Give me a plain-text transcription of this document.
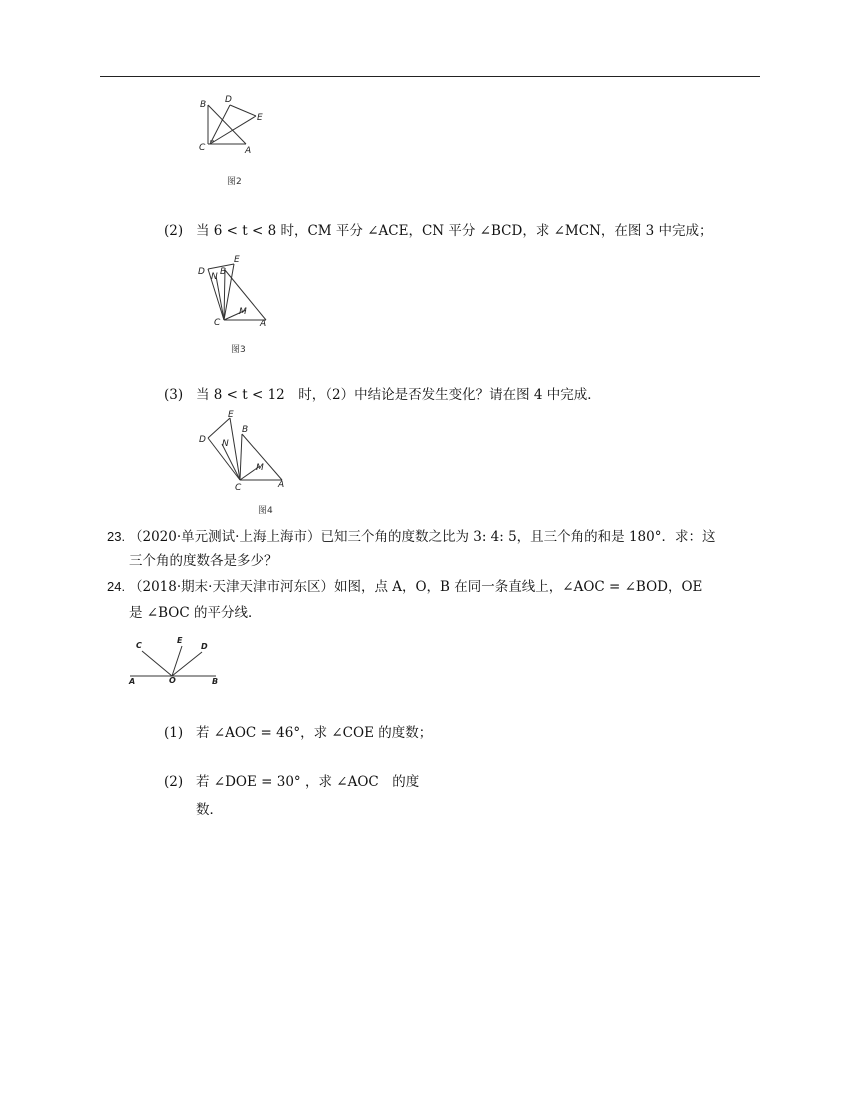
B D
E
C	A
图2
(2) 当 6 < t < 8 时，CM 平分 ∠ACE，CN 平分 ∠BCD，求 ∠MCN，在图 3 中完成；
D B
E
N
M
C	A
图3
(3) 当 8 < t < 12　时，（2）中结论是否发生变化？请在图 4 中完成．
E
B
D N
M
C	A
图4
23. （2020·单元测试·上海上海市）已知三个角的度数之比为 3: 4: 5，且三个角的和是 180°．求：这
三个角的度数各是多少？
24. （2018·期末·天津天津市河东区）如图，点 A，O，B 在同一条直线上，∠AOC = ∠BOD，OE
是 ∠BOC 的平分线．
C
E
D
A	O	B
(1) 若 ∠AOC = 46°，求 ∠COE 的度数；
(2) 若 ∠DOE = 30° ，求 ∠AOC　的度
数．
